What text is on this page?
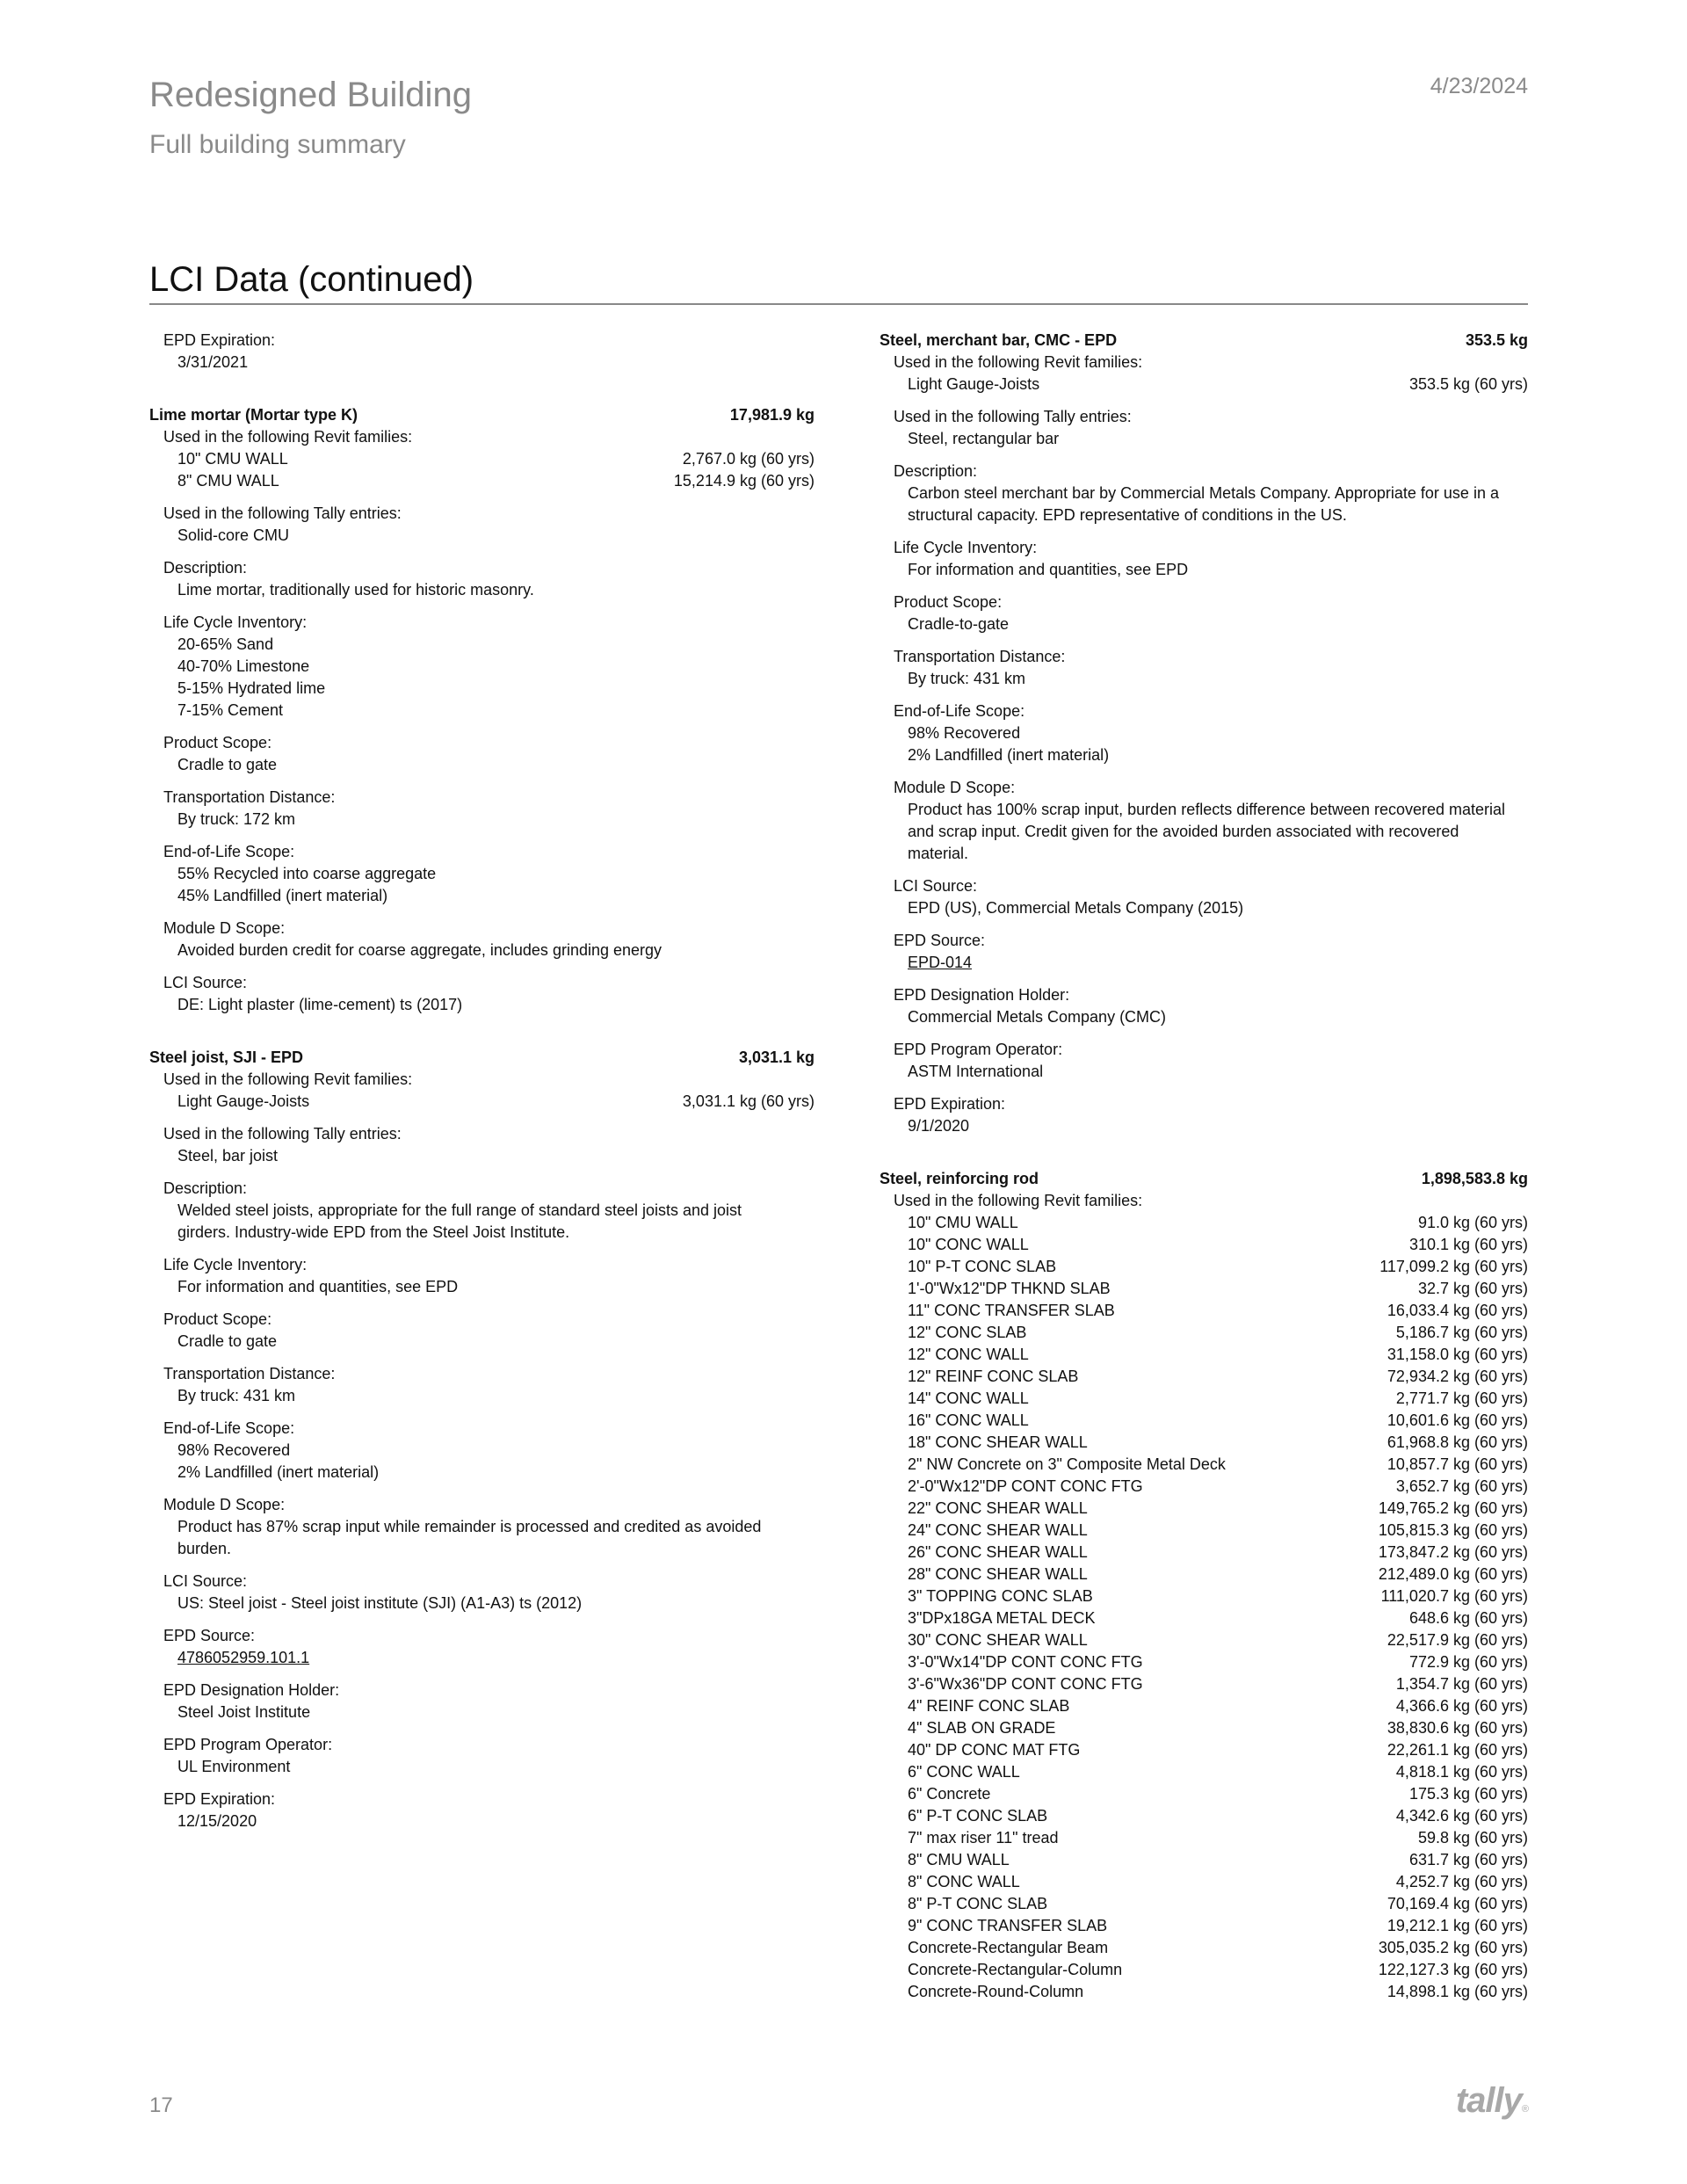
Redesigned Building
Full building summary
4/23/2024
LCI Data (continued)
EPD Expiration:
3/31/2021
Lime mortar (Mortar type K)	17,981.9 kg
Used in the following Revit families:
10" CMU WALL	2,767.0 kg (60 yrs)
8" CMU WALL	15,214.9 kg (60 yrs)
Used in the following Tally entries:
Solid-core CMU
Description:
Lime mortar, traditionally used for historic masonry.
Life Cycle Inventory:
20-65% Sand
40-70% Limestone
5-15% Hydrated lime
7-15% Cement
Product Scope:
Cradle to gate
Transportation Distance:
By truck: 172 km
End-of-Life Scope:
55% Recycled into coarse aggregate
45% Landfilled (inert material)
Module D Scope:
Avoided burden credit for coarse aggregate, includes grinding energy
LCI Source:
DE: Light plaster (lime-cement) ts (2017)
Steel joist, SJI - EPD	3,031.1 kg
Used in the following Revit families:
Light Gauge-Joists	3,031.1 kg (60 yrs)
Used in the following Tally entries:
Steel, bar joist
Description:
Welded steel joists, appropriate for the full range of standard steel joists and joist
girders. Industry-wide EPD from the Steel Joist Institute.
Life Cycle Inventory:
For information and quantities, see EPD
Product Scope:
Cradle to gate
Transportation Distance:
By truck: 431 km
End-of-Life Scope:
98% Recovered
2% Landfilled (inert material)
Module D Scope:
Product has 87% scrap input while remainder is processed and credited as avoided
burden.
LCI Source:
US: Steel joist - Steel joist institute (SJI) (A1-A3) ts (2012)
EPD Source:
4786052959.101.1
EPD Designation Holder:
Steel Joist Institute
EPD Program Operator:
UL Environment
EPD Expiration:
12/15/2020
Steel, merchant bar, CMC - EPD	353.5 kg
Used in the following Revit families:
Light Gauge-Joists	353.5 kg (60 yrs)
Used in the following Tally entries:
Steel, rectangular bar
Description:
Carbon steel merchant bar by Commercial Metals Company. Appropriate for use in a
structural capacity. EPD representative of conditions in the US.
Life Cycle Inventory:
For information and quantities, see EPD
Product Scope:
Cradle-to-gate
Transportation Distance:
By truck: 431 km
End-of-Life Scope:
98% Recovered
2% Landfilled (inert material)
Module D Scope:
Product has 100% scrap input, burden reflects difference between recovered material
and scrap input. Credit given for the avoided burden associated with recovered
material.
LCI Source:
EPD (US), Commercial Metals Company (2015)
EPD Source:
EPD-014
EPD Designation Holder:
Commercial Metals Company (CMC)
EPD Program Operator:
ASTM International
EPD Expiration:
9/1/2020
Steel, reinforcing rod	1,898,583.8 kg
Used in the following Revit families:
10" CMU WALL	91.0 kg (60 yrs)
10" CONC WALL	310.1 kg (60 yrs)
10" P-T CONC SLAB	117,099.2 kg (60 yrs)
1'-0"Wx12"DP THKND SLAB	32.7 kg (60 yrs)
11" CONC TRANSFER SLAB	16,033.4 kg (60 yrs)
12" CONC SLAB	5,186.7 kg (60 yrs)
12" CONC WALL	31,158.0 kg (60 yrs)
12" REINF CONC SLAB	72,934.2 kg (60 yrs)
14" CONC WALL	2,771.7 kg (60 yrs)
16" CONC WALL	10,601.6 kg (60 yrs)
18" CONC SHEAR WALL	61,968.8 kg (60 yrs)
2" NW Concrete on 3" Composite Metal Deck	10,857.7 kg (60 yrs)
2'-0"Wx12"DP CONT CONC FTG	3,652.7 kg (60 yrs)
22" CONC SHEAR WALL	149,765.2 kg (60 yrs)
24" CONC SHEAR WALL	105,815.3 kg (60 yrs)
26" CONC SHEAR WALL	173,847.2 kg (60 yrs)
28" CONC SHEAR WALL	212,489.0 kg (60 yrs)
3" TOPPING CONC SLAB	111,020.7 kg (60 yrs)
3"DPx18GA METAL DECK	648.6 kg (60 yrs)
30" CONC SHEAR WALL	22,517.9 kg (60 yrs)
3'-0"Wx14"DP CONT CONC FTG	772.9 kg (60 yrs)
3'-6"Wx36"DP CONT CONC FTG	1,354.7 kg (60 yrs)
4" REINF CONC SLAB	4,366.6 kg (60 yrs)
4" SLAB ON GRADE	38,830.6 kg (60 yrs)
40" DP CONC MAT FTG	22,261.1 kg (60 yrs)
6" CONC WALL	4,818.1 kg (60 yrs)
6" Concrete	175.3 kg (60 yrs)
6" P-T CONC SLAB	4,342.6 kg (60 yrs)
7" max riser 11" tread	59.8 kg (60 yrs)
8" CMU WALL	631.7 kg (60 yrs)
8" CONC WALL	4,252.7 kg (60 yrs)
8" P-T CONC SLAB	70,169.4 kg (60 yrs)
9" CONC TRANSFER SLAB	19,212.1 kg (60 yrs)
Concrete-Rectangular Beam	305,035.2 kg (60 yrs)
Concrete-Rectangular-Column	122,127.3 kg (60 yrs)
Concrete-Round-Column	14,898.1 kg (60 yrs)
17	tally®
